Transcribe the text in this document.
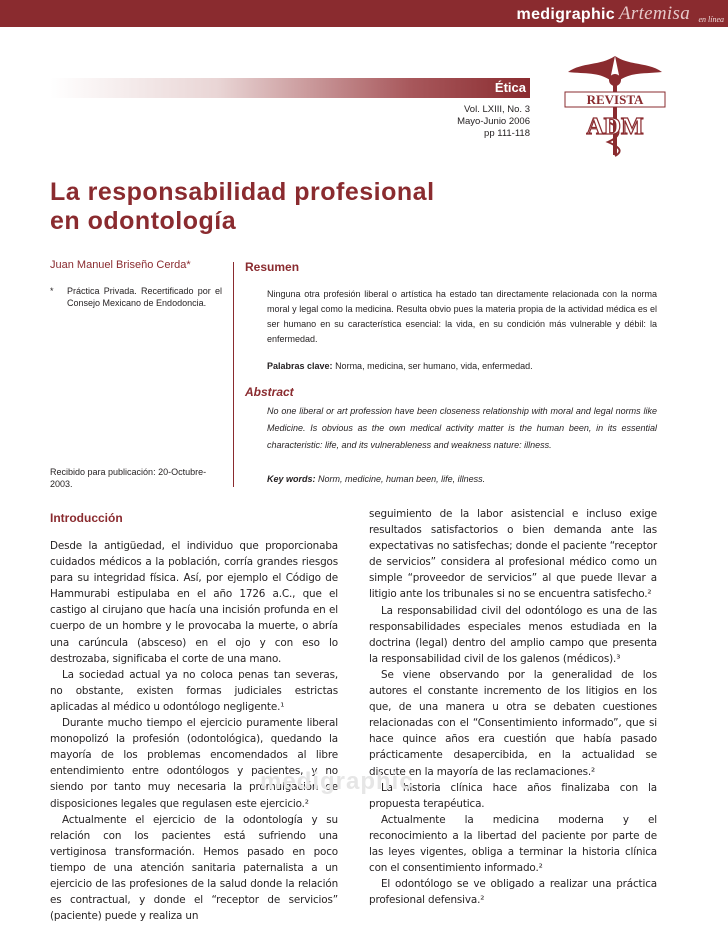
medigraphic Artemisa en línea
Ética
Vol. LXIII, No. 3
Mayo-Junio 2006
pp 111-118
REVISTA
ADM
La responsabilidad profesional
en odontología
Juan Manuel Briseño Cerda*
*	Práctica Privada. Recertificado por el Consejo Mexicano de Endodoncia.
Recibido para publicación: 20-Octubre-2003.
Resumen

Ninguna otra profesión liberal o artística ha estado tan directamente relacionada con la norma moral y legal como la medicina. Resulta obvio pues la materia propia de la actividad médica es el ser humano en su característica esencial: la vida, en su condición más vulnerable y débil: la enfermedad.

Palabras clave: Norma, medicina, ser humano, vida, enfermedad.

Abstract

No one liberal or art profession have been closeness relationship with moral and legal norms like Medicine. Is obvious as the own medical activity matter is the human been, in its essential characteristic: life, and its vulnerableness and weakness nature: illness.

Key words: Norm, medicine, human been, life, illness.

Introducción

Desde la antigüedad, el individuo que proporcionaba cuidados médicos a la población, corría grandes riesgos para su integridad física. Así, por ejemplo el Código de Hammurabi estipulaba en el año 1726 a.C., que el castigo al cirujano que hacía una incisión profunda en el cuerpo de un hombre y le provocaba la muerte, o abría una carúncula (absceso) en el ojo y con eso lo destrozaba, significaba el corte de una mano.

La sociedad actual ya no coloca penas tan severas, no obstante, existen formas judiciales estrictas aplicadas al médico u odontólogo negligente.¹

Durante mucho tiempo el ejercicio puramente liberal monopolizó la profesión (odontológica), quedando la mayoría de los problemas encomendados al libre entendimiento entre odontólogos y pacientes, y no siendo por tanto muy necesaria la promulgación de disposiciones legales que regulasen este ejercicio.²

Actualmente el ejercicio de la odontología y su relación con los pacientes está sufriendo una vertiginosa transformación. Hemos pasado en poco tiempo de una atención sanitaria paternalista a un ejercicio de las profesiones de la salud donde la relación es contractual, y donde el “receptor de servicios” (paciente) puede y realiza un

seguimiento de la labor asistencial e incluso exige resultados satisfactorios o bien demanda ante las expectativas no satisfechas; donde el paciente “receptor de servicios” considera al profesional médico como un simple “proveedor de servicios” al que puede llevar a litigio ante los tribunales si no se encuentra satisfecho.²

La responsabilidad civil del odontólogo es una de las responsabilidades especiales menos estudiada en la doctrina (legal) dentro del amplio campo que presenta la responsabilidad civil de los galenos (médicos).³

Se viene observando por la generalidad de los autores el constante incremento de los litigios en los que, de una manera u otra se debaten cuestiones relacionadas con el “Consentimiento informado”, que si hace quince años era cuestión que había pasado prácticamente desapercibida, en la actualidad se discute en la mayoría de las reclamaciones.²

La historia clínica hace años finalizaba con la propuesta terapéutica.

Actualmente la medicina moderna y el reconocimiento a la libertad del paciente por parte de las leyes vigentes, obliga a terminar la historia clínica con el consentimiento informado.²

El odontólogo se ve obligado a realizar una práctica profesional defensiva.²

medigraphic
